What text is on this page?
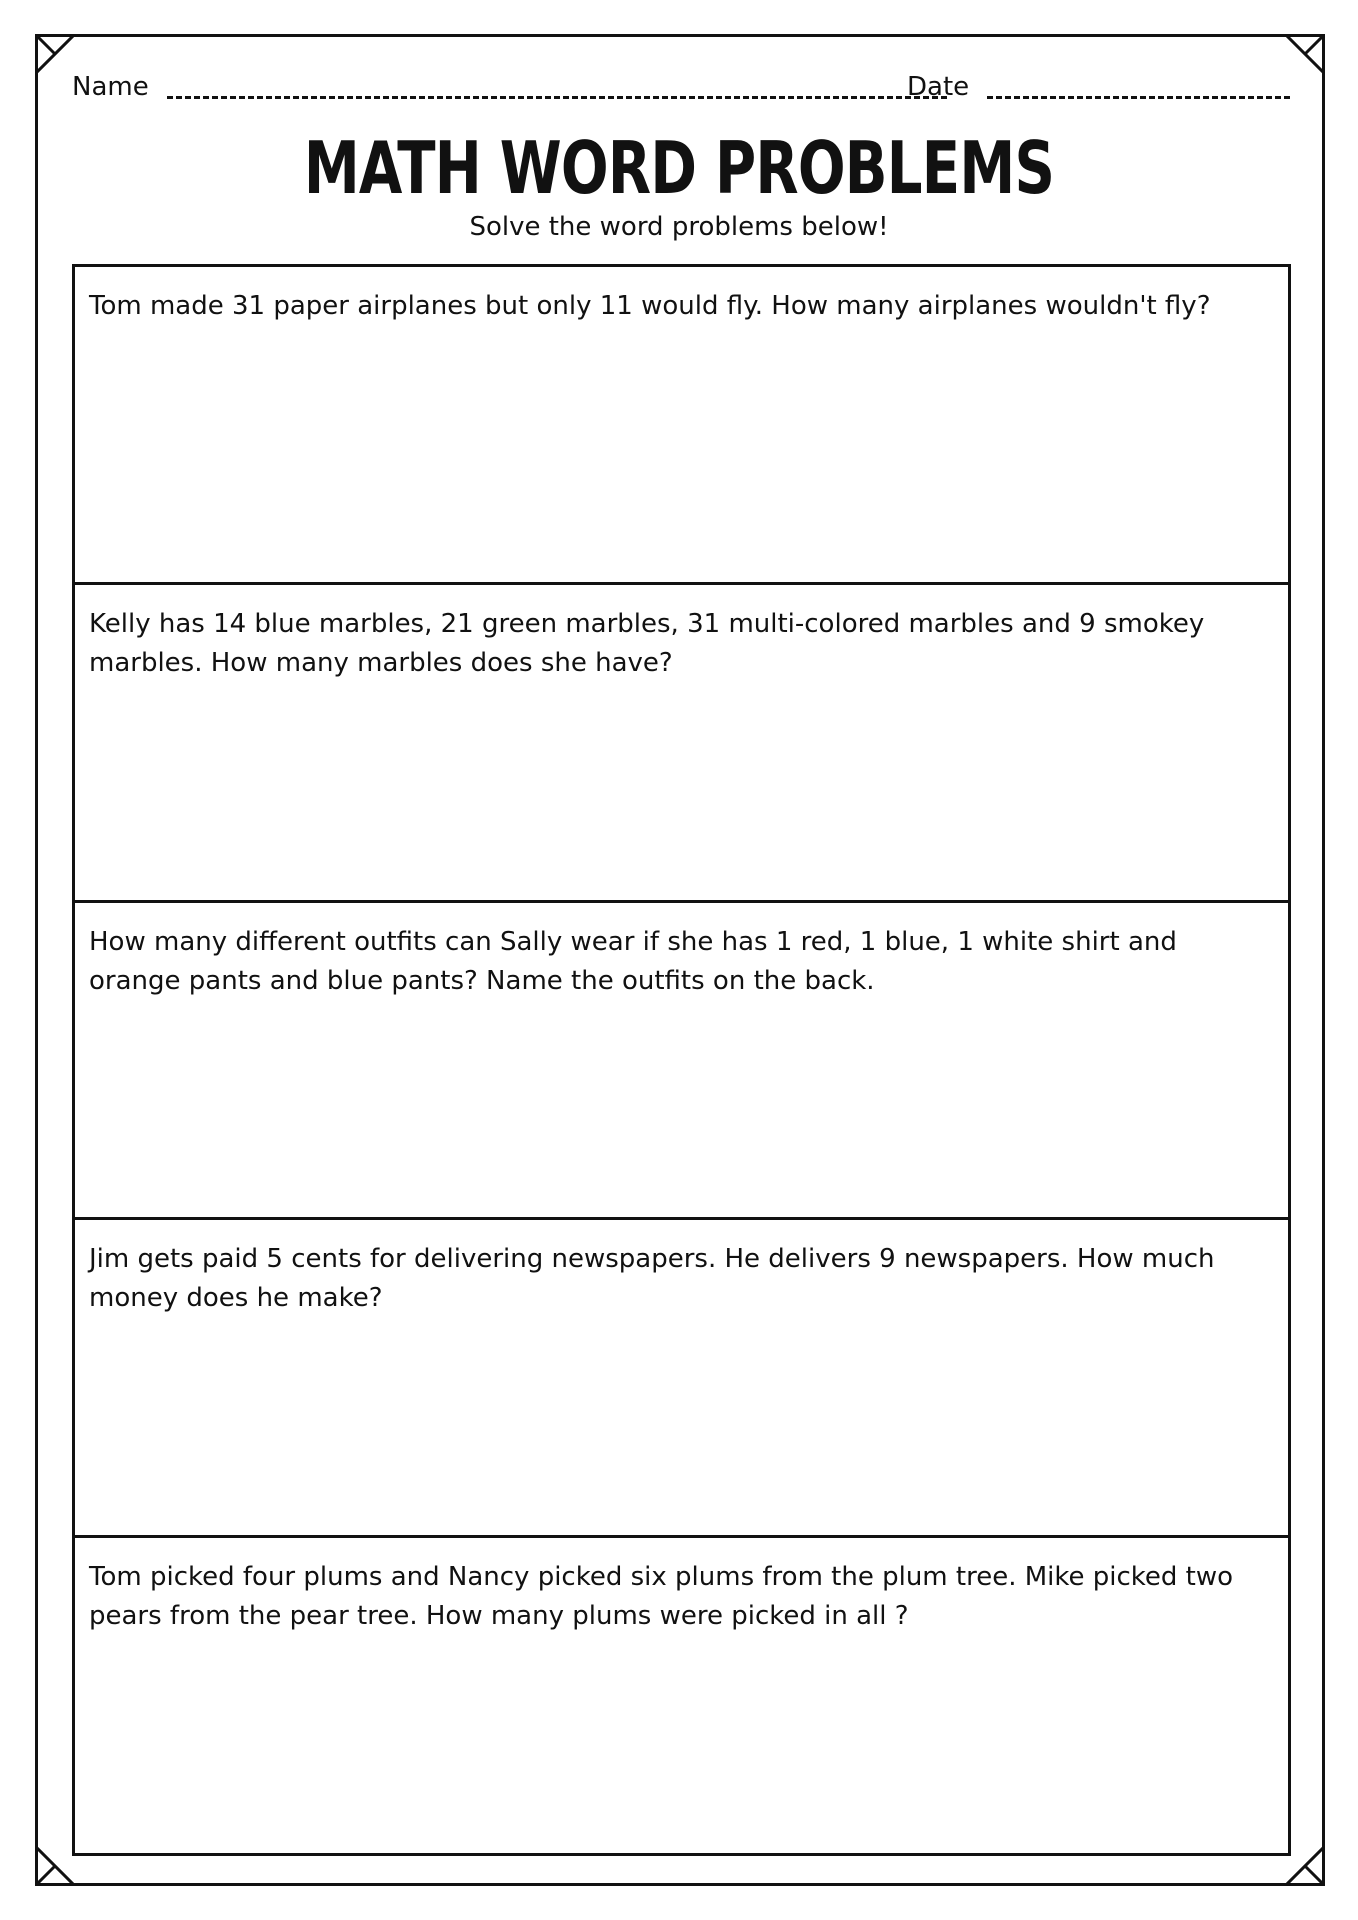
Name	Date
MATH WORD PROBLEMS
Solve the word problems below!

Tom made 31 paper airplanes but only 11 would fly. How many airplanes wouldn't fly?

Kelly has 14 blue marbles, 21 green marbles, 31 multi-colored marbles and 9 smokey marbles. How many marbles does she have?

How many different outfits can Sally wear if she has 1 red, 1 blue, 1 white shirt and orange pants and blue pants? Name the outfits on the back.

Jim gets paid 5 cents for delivering newspapers. He delivers 9 newspapers. How much money does he make?

Tom picked four plums and Nancy picked six plums from the plum tree. Mike picked two pears from the pear tree. How many plums were picked in all ?
